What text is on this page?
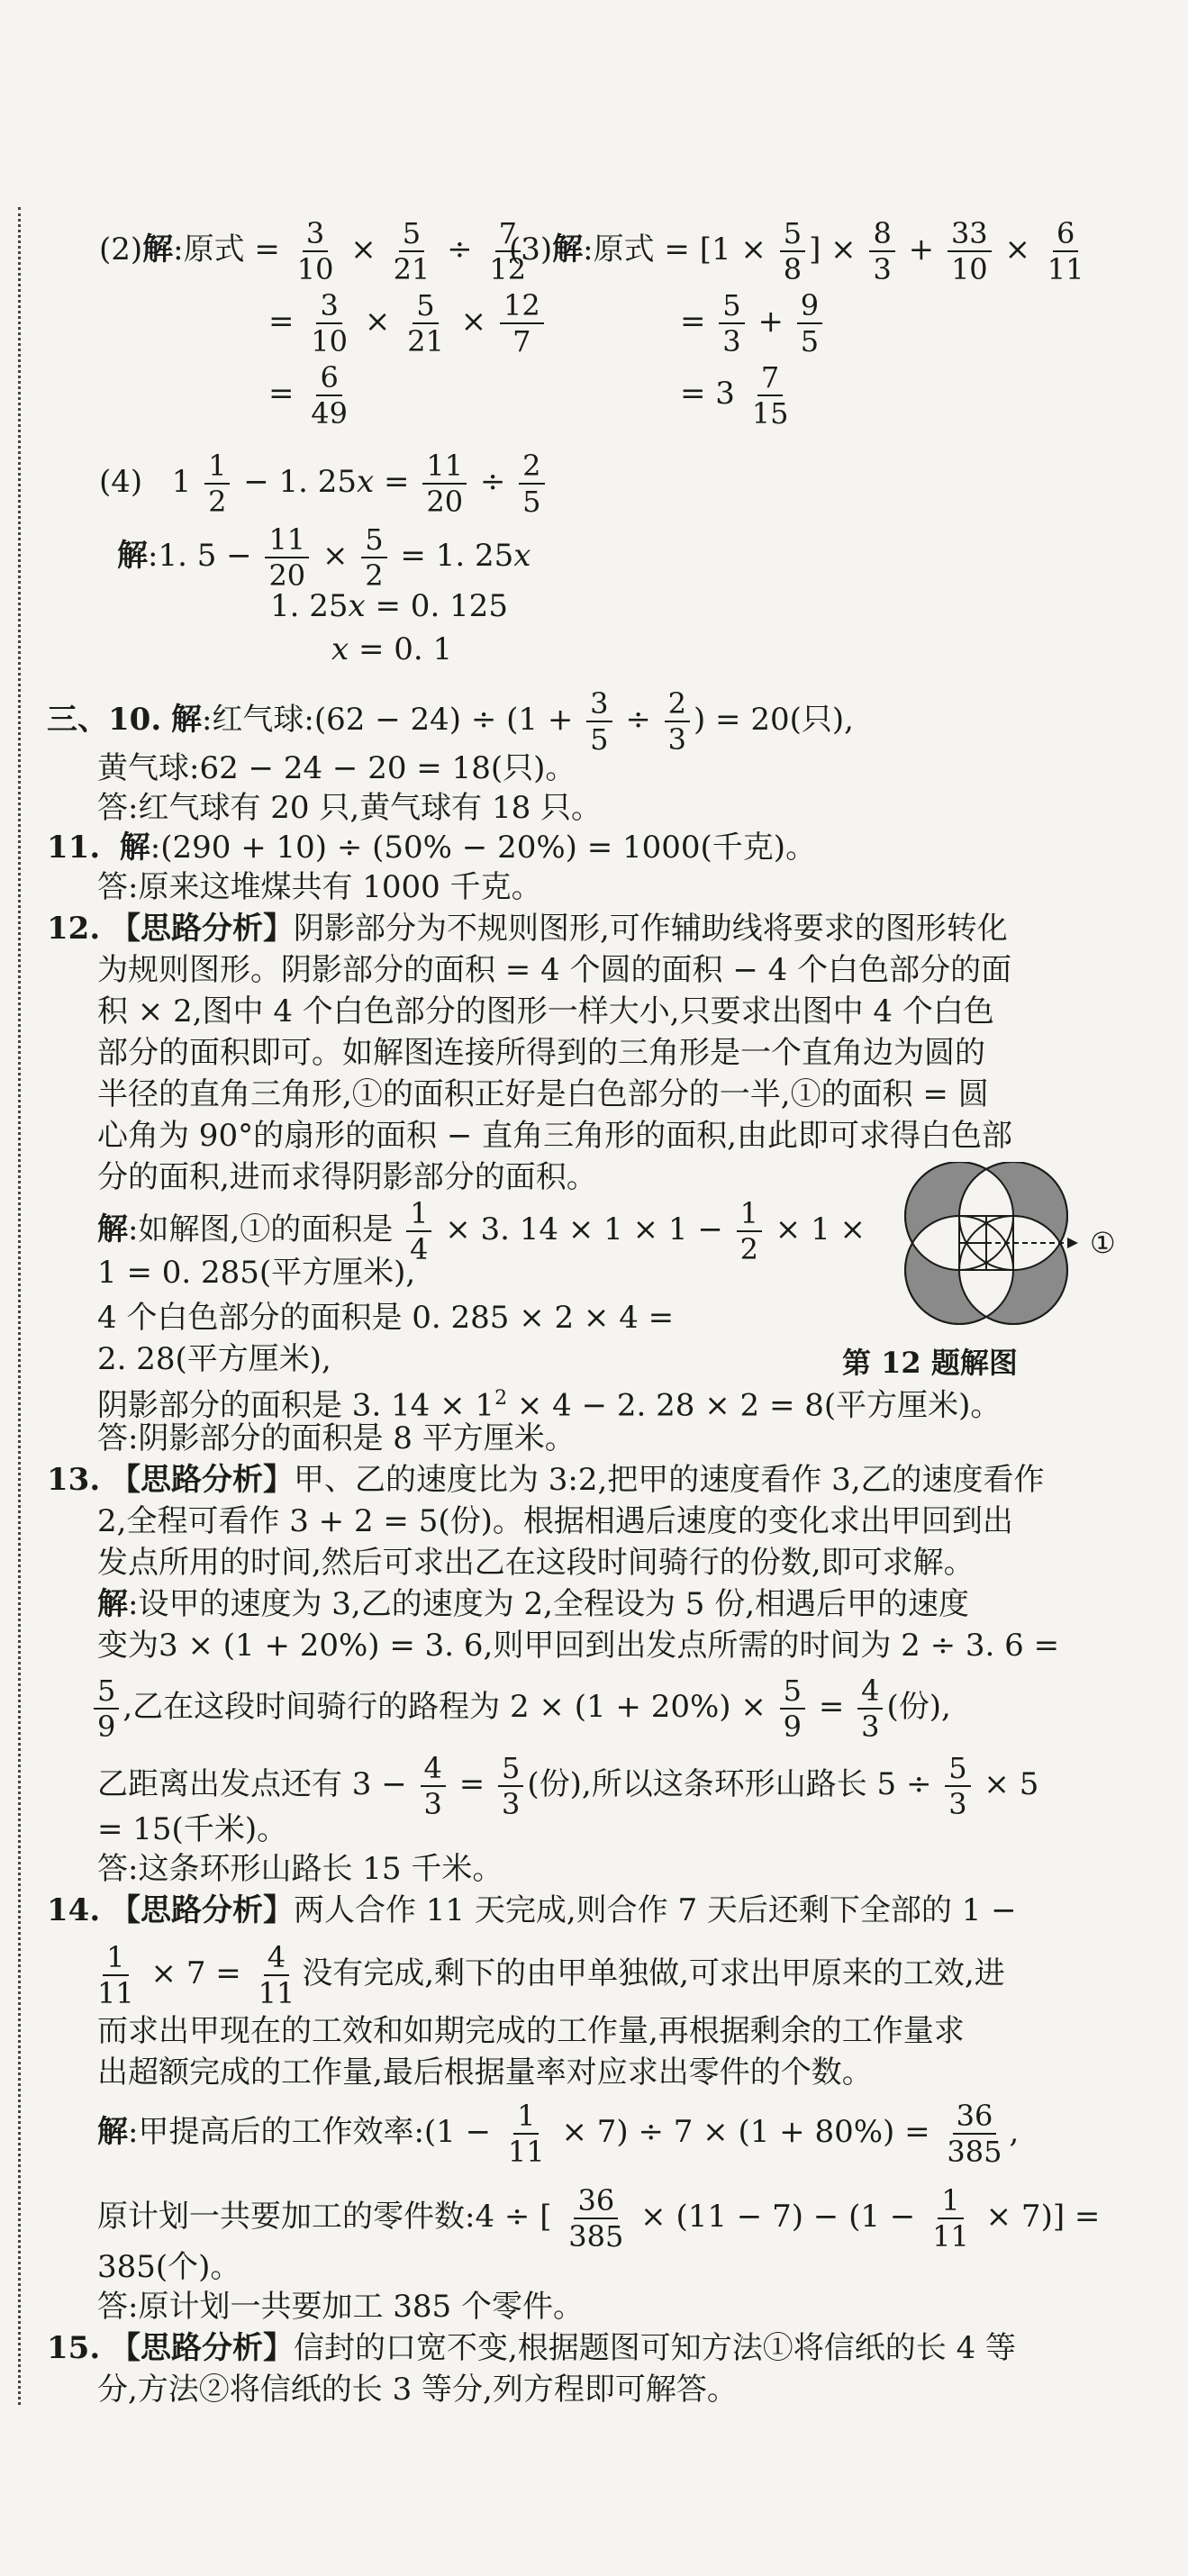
(2)解:原式 = $\frac{3}{10} \times \frac{5}{21} \div \frac{7}{12}$
= $\frac{3}{10} \times \frac{5}{21} \times \frac{12}{7}$
= $\frac{6}{49}$
(3)解:原式 = [$1 \times \frac{5}{8}$ ] × $\frac{8}{3} + \frac{33}{10} \times \frac{6}{11}$
= $\frac{5}{3} + \frac{9}{5}$
= $3 \frac{7}{15}$
(4) $1 \frac{1}{2} - 1$. $25x = \frac{11}{20} \div \frac{2}{5}$
解:1. $5 - \frac{11}{20} \times \frac{5}{2} = 1$. 25x
1. 25x = 0. 125
x = 0. 1
三、10. 解:红气球:(62 − $24) \div (1 + \frac{3}{5} \div \frac{2}{3}$ ) = 20(只),
黄气球:62 − 24 − 20 = 18(只)。
答:红气球有 20 只,黄气球有 18 只。
11. 解:(290 + 10) ÷ (50% − 20%) = 1000(千克)。
答:原来这堆煤共有 1000 千克。
12. 【思路分析】阴影部分为不规则图形,可作辅助线将要求的图形转化
为规则图形。阴影部分的面积 = 4 个圆的面积 − 4 个白色部分的面
积 × 2,图中 4 个白色部分的图形一样大小,只要求出图中 4 个白色
部分的面积即可。如解图连接所得到的三角形是一个直角边为圆的
半径的直角三角形,①的面积正好是白色部分的一半,①的面积 = 圆
心角为 90°的扇形的面积 − 直角三角形的面积,由此即可求得白色部
分的面积,进而求得阴影部分的面积。
解:如解图,①的面积是 $\frac{1}{4} \times 3$. $14 \times 1 \times 1 - \frac{1}{2} \times 1$ ×
1 = 0. 285(平方厘米),
4 个白色部分的面积是 0. 285 × 2 × 4 =
2. 28(平方厘米),
阴影部分的面积是 3. $14 \times 1^2 \times 4 - 2$. 28 × 2 = 8(平方厘米)。
答:阴影部分的面积是 8 平方厘米。
①
第 12 题解图
13. 【思路分析】甲、乙的速度比为 3:2,把甲的速度看作 3,乙的速度看作
2,全程可看作 3 + 2 = 5(份)。根据相遇后速度的变化求出甲回到出
发点所用的时间,然后可求出乙在这段时间骑行的份数,即可求解。
解:设甲的速度为 3,乙的速度为 2,全程设为 5 份,相遇后甲的速度
变为3 × (1 + 20%) = 3. 6,则甲回到出发点所需的时间为 2 ÷ 3. 6 =
$\frac{5}{9}$ ,乙在这段时间骑行的路程为 $2 \times (1 + 20\%) \times \frac{5}{9} = \frac{4}{3}$ (份),
乙距离出发点还有 $3 - \frac{4}{3} = \frac{5}{3}$ (份),所以这条环形山路长 $5 \div \frac{5}{3} \times 5$
= 15(千米)。
答:这条环形山路长 15 千米。
14. 【思路分析】两人合作 11 天完成,则合作 7 天后还剩下全部的 1 −
$\frac{1}{11} \times 7 = \frac{4}{11}$ 没有完成,剩下的由甲单独做,可求出甲原来的工效,进
而求出甲现在的工效和如期完成的工作量,再根据剩余的工作量求
出超额完成的工作量,最后根据量率对应求出零件的个数。
解:甲提高后的工作效率:(1 − $\frac{1}{11} \times 7) \div 7 \times (1 + 80\%) = \frac{36}{385}$ ,
原计划一共要加工的零件数:4 ÷ [ $\frac{36}{385} \times (11 - 7) - (1 - \frac{1}{11} \times 7)$] =
385(个)。
答:原计划一共要加工 385 个零件。
15. 【思路分析】信封的口宽不变,根据题图可知方法①将信纸的长 4 等
分,方法②将信纸的长 3 等分,列方程即可解答。
